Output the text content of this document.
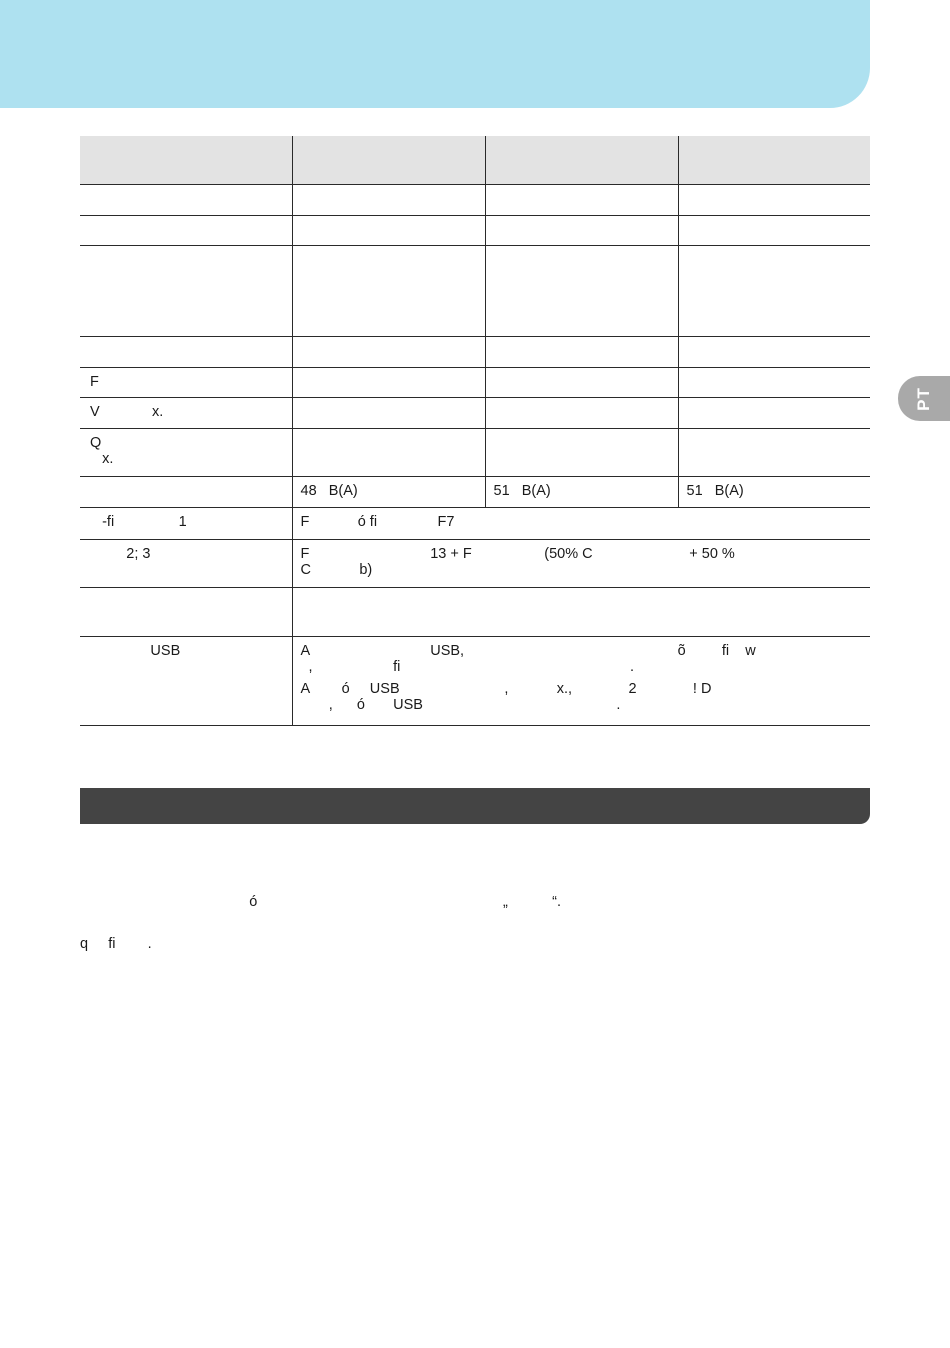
PT

F			

V             x.			

Q
x.			

	48   B(A)	51   B(A)	51   B(A)

-fi                1	F            ó fi               F7		

2; 3	F                              13 + F                  (50% C                        + 50 %
C            b)		

USB	A                              USB,                                                     õ         fi    w
,                    fi                                                         .
A        ó     USB                          ,            x.,              2              ! D
,      ó       USB                                                .		
ó                                                             „           “.
q     fi        .
